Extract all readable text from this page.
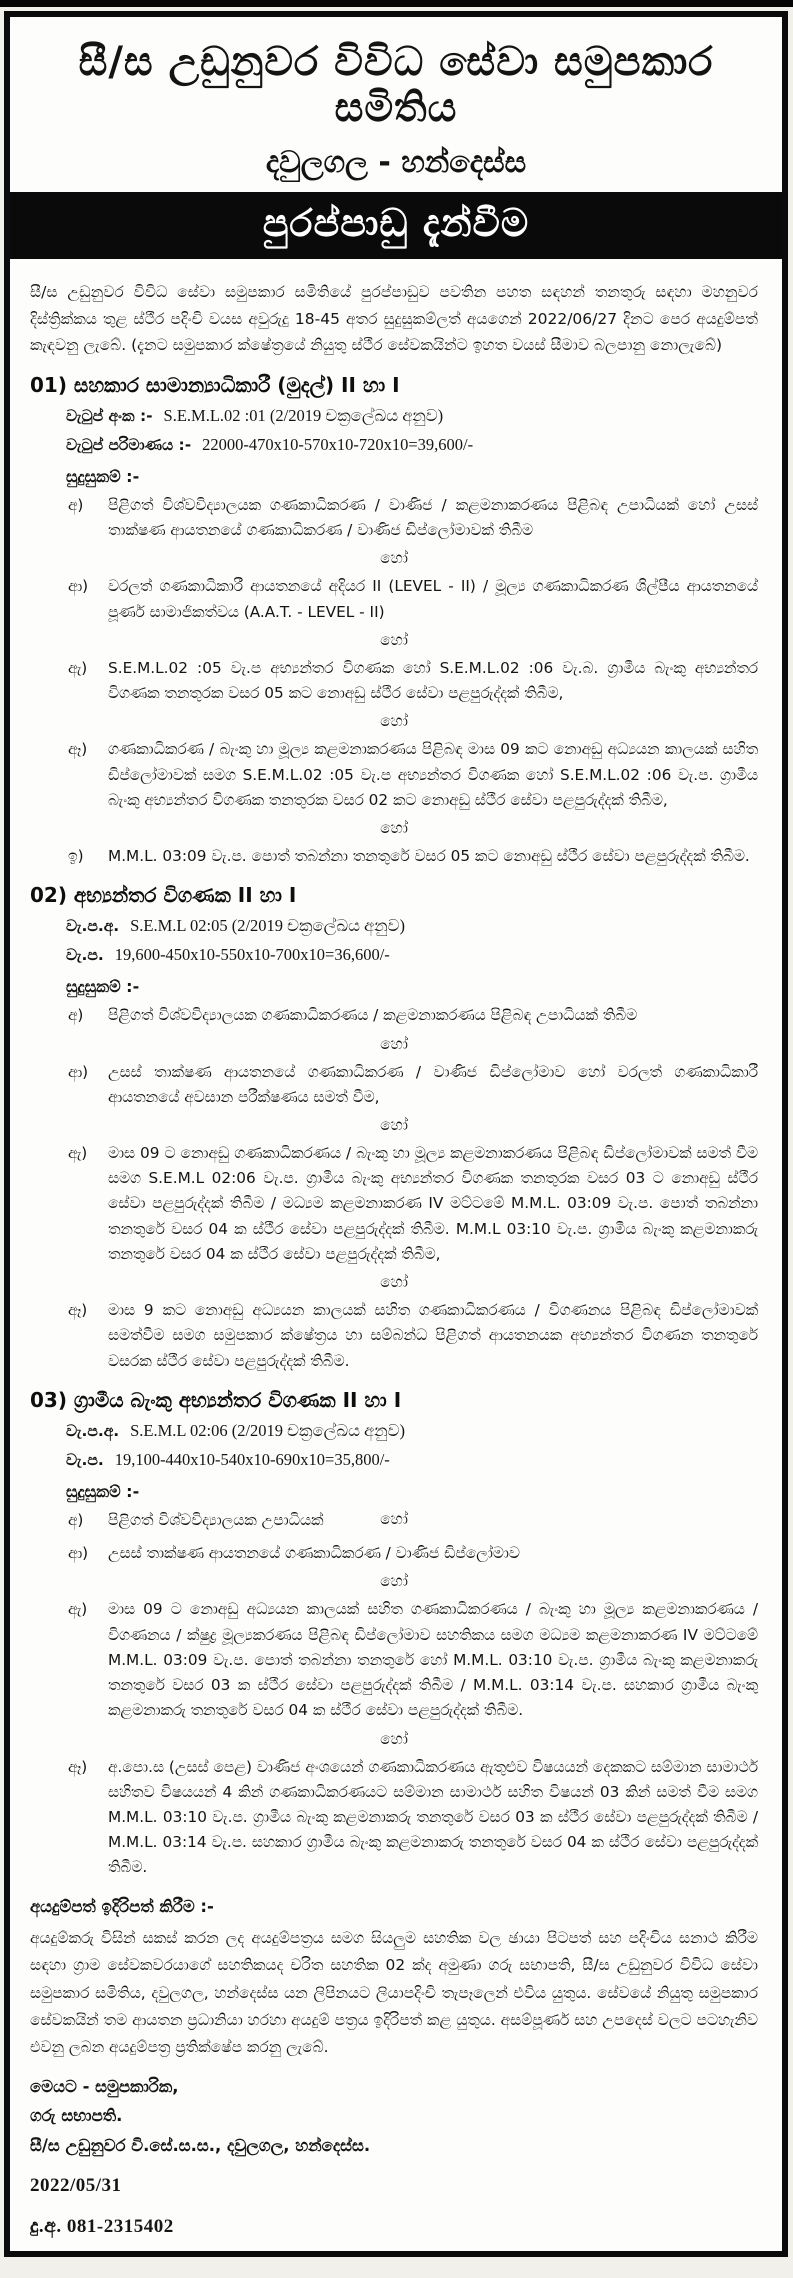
සී/ස උඩුනුවර විවිධ සේවා සමුපකාර සමිතිය
දවුලගල - හන්දෙස්ස
පුරප්පාඩු දැන්වීම

සී/ස උඩුනුවර විවිධ සේවා සමුපකාර සමිතියේ පුරප්පාඩුව පවතින පහත සඳහන් තනතුරු සඳහා මහනුවර දිස්ත්‍රික්කය තුළ ස්ථීර පදිංචි වයස අවුරුදු 18-45 අතර සුදුසුකම්ලත් අයගෙන් 2022/06/27 දිනට පෙර අයදුම්පත් කැඳවනු ලැබේ. (දැනට සමුපකාර ක්ෂේත්‍රයේ නියුතු ස්ථීර සේවකයින්ට ඉහත වයස් සීමාව බලපානු නොලැබේ)

01) සහකාර සාමාන්‍යාධිකාරී (මුදල්) II හා I
වැටුප් අංක :- S.E.M.L.02 :01 (2/2019 චක්‍රලේඛය අනුව)
වැටුප් පරිමාණය :- 22000-470x10-570x10-720x10=39,600/-
සුදුසුකම් :-
අ)	පිළිගත් විශ්වවිද්‍යාලයක ගණකාධිකරණ / වාණිජ / කළමනාකරණය පිළිබඳ උපාධියක් හෝ උසස් තාක්ෂණ ආයතනයේ ගණකාධිකරණ / වාණිජ ඩිප්ලෝමාවක් තිබීම
හෝ
ආ)	වරලත් ගණකාධිකාරී ආයතනයේ අදියර II (LEVEL - II) / මූල්‍ය ගණකාධිකරණ ශිල්පීය ආයතනයේ පූර්ණ සාමාජිකත්වය (A.A.T. - LEVEL - II)
හෝ
ඇ)	S.E.M.L.02 :05 වැ.ප අභ්‍යන්තර විගණක හෝ S.E.M.L.02 :06 වැ.බ. ග්‍රාමීය බැංකු අභ්‍යන්තර විගණක තනතුරක වසර 05 කට නොඅඩු ස්ථීර සේවා පළපුරුද්දක් තිබීම,
හෝ
ඈ)	ගණකාධිකරණ / බැංකු හා මූල්‍ය කළමනාකරණය පිළිබඳ මාස 09 කට නොඅඩු අධ්‍යයන කාලයක් සහිත ඩිප්ලෝමාවක් සමග S.E.M.L.02 :05 වැ.ප අභ්‍යන්තර විගණක හෝ S.E.M.L.02 :06 වැ.ප. ග්‍රාමීය බැංකු අභ්‍යන්තර විගණක තනතුරක වසර 02 කට නොඅඩු ස්ථීර සේවා පළපුරුද්දක් තිබීම,
හෝ
ඉ)	M.M.L. 03:09 වැ.ප. පොත් තබන්නා තනතුරේ වසර 05 කට නොඅඩු ස්ථීර සේවා පළපුරුද්දක් තිබීම.
02) අභ්‍යන්තර විගණක II හා I
වැ.ප.අ. S.E.M.L 02:05 (2/2019 චක්‍රලේඛය අනුව)
වැ.ප. 19,600-450x10-550x10-700x10=36,600/-
සුදුසුකම් :-
අ)	පිළිගත් විශ්වවිද්‍යාලයක ගණකාධිකරණය / කළමනාකරණය පිළිබඳ උපාධියක් තිබීම
හෝ
ආ)	උසස් තාක්ෂණ ආයතනයේ ගණකාධිකරණ / වාණිජ ඩිප්ලෝමාව හෝ වරලත් ගණකාධිකාරී ආයතනයේ අවසාන පරීක්ෂණය සමත් වීම,
හෝ
ඇ)	මාස 09 ට නොඅඩු ගණකාධිකරණය / බැංකු හා මූල්‍ය කළමනාකරණය පිළිබඳ ඩිප්ලෝමාවක් සමත් වීම සමග S.E.M.L 02:06 වැ.ප. ග්‍රාමීය බැංකු අභ්‍යන්තර විගණක තනතුරක වසර 03 ට නොඅඩු ස්ථීර සේවා පළපුරුද්දක් තිබීම / මධ්‍යම කළමනාකරණ IV මට්ටමේ M.M.L. 03:09 වැ.ප. පොත් තබන්නා තනතුරේ වසර 04 ක ස්ථීර සේවා පළපුරුද්දක් තිබීම. M.M.L 03:10 වැ.ප. ග්‍රාමීය බැංකු කළමනාකරු තනතුරේ වසර 04 ක ස්ථීර සේවා පළපුරුද්දක් තිබීම,
හෝ
ඈ)	මාස 9 කට නොඅඩු අධ්‍යයන කාලයක් සහිත ගණකාධිකරණය / විගණනය පිළිබඳ ඩිප්ලෝමාවක් සමත්වීම සමග සමුපකාර ක්ෂේත්‍රය හා සම්බන්ධ පිළිගත් ආයතනයක අභ්‍යන්තර විගණන තනතුරේ වසරක ස්ථීර සේවා පළපුරුද්දක් තිබීම.
03) ග්‍රාමීය බැංකු අභ්‍යන්තර විගණක II හා I
වැ.ප.අ. S.E.M.L 02:06 (2/2019 චක්‍රලේඛය අනුව)
වැ.ප. 19,100-440x10-540x10-690x10=35,800/-
සුදුසුකම් :-
අ)	පිළිගත් විශ්වවිද්‍යාලයක උපාධියක්	හෝ
ආ)	උසස් තාක්ෂණ ආයතනයේ ගණකාධිකරණ / වාණිජ ඩිප්ලෝමාව
හෝ
ඇ)	මාස 09 ට නොඅඩු අධ්‍යයන කාලයක් සහිත ගණකාධිකරණය / බැංකු හා මූල්‍ය කළමනාකරණය / විගණනය / ක්ෂුද්‍ර මූල්‍යකරණය පිළිබඳ ඩිප්ලෝමාව සහතිකය සමග මධ්‍යම කළමනාකරණ IV මට්ටමේ M.M.L. 03:09 වැ.ප. පොත් තබන්නා තනතුරේ හෝ M.M.L. 03:10 වැ.ප. ග්‍රාමීය බැංකු කළමනාකරු තනතුරේ වසර 03 ක ස්ථීර සේවා පළපුරුද්දක් තිබීම / M.M.L. 03:14 වැ.ප. සහකාර ග්‍රාමීය බැංකු කළමනාකරු තනතුරේ වසර 04 ක ස්ථීර සේවා පළපුරුද්දක් තිබීම.
හෝ
ඈ)	අ.පො.ස (උසස් පෙළ) වාණිජ අංශයෙන් ගණකාධිකරණය ඇතුළුව විෂයයන් දෙකකට සම්මාන සාමාර්ථ සහිතව විෂයයන් 4 කින් ගණකාධිකරණයට සම්මාන සාමාර්ථ සහිත විෂයන් 03 කින් සමත් වීම සමග M.M.L. 03:10 වැ.ප. ග්‍රාමීය බැංකු කළමනාකරු තනතුරේ වසර 03 ක ස්ථීර සේවා පළපුරුද්දක් තිබීම / M.M.L. 03:14 වැ.ප. සහකාර ග්‍රාමීය බැංකු කළමනාකරු තනතුරේ වසර 04 ක ස්ථීර සේවා පළපුරුද්දක් තිබීම.
අයදුම්පත් ඉදිරිපත් කිරීම :-

අයදුම්කරු විසින් සකස් කරන ලද අයදුම්පත්‍රය සමග සියලුම සහතික වල ඡායා පිටපත් සහ පදිංචිය සනාථ කිරීම සඳහා ග්‍රාම සේවකවරයාගේ සහතිකයද චරිත සහතික 02 ක්ද අමුණා ගරු සභාපති, සී/ස උඩුනුවර විවිධ සේවා සමුපකාර සමිතිය, දවුලගල, හන්දෙස්ස යන ලිපිනයට ලියාපදිංචි තැපෑලෙන් එවිය යුතුය. සේවයේ නියුතු සමුපකාර සේවකයින් තම ආයතන ප්‍රධානියා හරහා අයදුම් පත්‍රය ඉදිරිපත් කළ යුතුය. අසම්පූර්ණ සහ උපදෙස් වලට පටහැනිව එවනු ලබන අයදුම්පත්‍ර ප්‍රතික්ෂේප කරනු ලැබේ.

මෙයට - සමුපකාරික,
ගරු සභාපති.
සී/ස උඩුනුවර වි.සේ.ස.ස., දවුලගල, හන්දෙස්ස.
2022/05/31
දු.අ. 081-2315402
